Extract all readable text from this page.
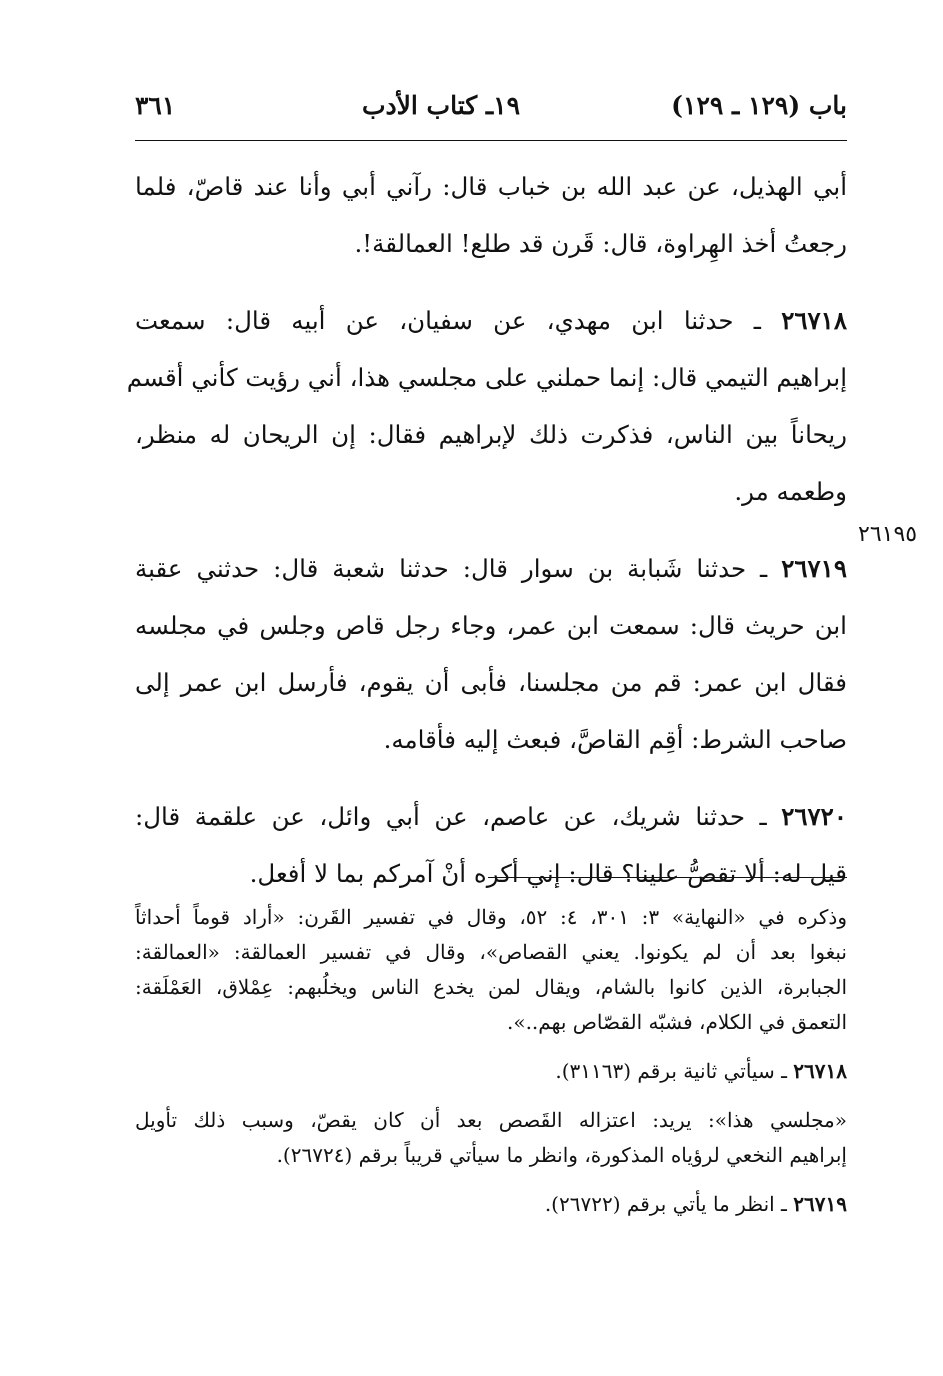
باب (١٢٩ ـ ١٢٩)
١٩ـ كتاب الأدب
٣٦١
أبي الهذيل، عن عبد الله بن خباب قال: رآني أبي وأنا عند قاصّ، فلما
رجعتُ أخذ الهِراوة، قال: قَرن قد طلع! العمالقة!.
٢٦٧١٨ ـ حدثنا ابن مهدي، عن سفيان، عن أبيه قال: سمعت
إبراهيم التيمي قال: إنما حملني على مجلسي هذا، أني رؤيت كأني أقسم
ريحاناً بين الناس، فذكرت ذلك لإبراهيم فقال: إن الريحان له منظر،
وطعمه مر.
٢٦٧١٩ ـ حدثنا شَبابة بن سوار قال: حدثنا شعبة قال: حدثني عقبة
ابن حريث قال: سمعت ابن عمر، وجاء رجل قاص وجلس في مجلسه
فقال ابن عمر: قم من مجلسنا، فأبى أن يقوم، فأرسل ابن عمر إلى
صاحب الشرط: أقِم القاصَّ، فبعث إليه فأقامه.
٢٦٧٢٠ ـ حدثنا شريك، عن عاصم، عن أبي وائل، عن علقمة قال:
قيل له: ألا تقصُّ علينا؟ قال: إني أكره أنْ آمركم بما لا أفعل.
٢٦١٩٥
وذكره في «النهاية» ٣: ٣٠١، ٤: ٥٢، وقال في تفسير القَرن: «أراد قوماً أحداثاً
نبغوا بعد أن لم يكونوا. يعني القصاص»، وقال في تفسير العمالقة: «العمالقة:
الجبابرة، الذين كانوا بالشام، ويقال لمن يخدع الناس ويخلُبهم: عِمْلاق، العَمْلَقة:
التعمق في الكلام، فشبّه القصّاص بهم..».
٢٦٧١٨ ـ سيأتي ثانية برقم (٣١١٦٣).
«مجلسي هذا»: يريد: اعتزاله القَصص بعد أن كان يقصّ، وسبب ذلك تأويل
إبراهيم النخعي لرؤياه المذكورة، وانظر ما سيأتي قريباً برقم (٢٦٧٢٤).
٢٦٧١٩ ـ انظر ما يأتي برقم (٢٦٧٢٢).
